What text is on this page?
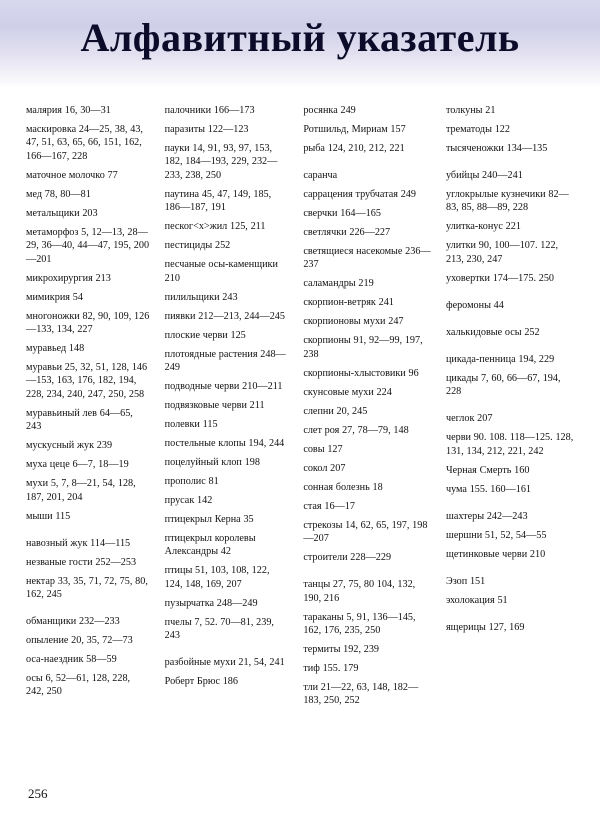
Алфавитный указатель
малярия 16, 30—31
маскировка 24—25, 38, 43, 47, 51, 63, 65, 66, 151, 162, 166—167, 228
маточное молочко 77
мед 78, 80—81
метальщики 203
метаморфоз 5, 12—13, 28—29, 36—40, 44—47, 195, 200—201
микрохирургия 213
мимикрия 54
многоножки 82, 90, 109, 126—133, 134, 227
муравьед 148
муравьи 25, 32, 51, 128, 146—153, 163, 176, 182, 194, 228, 234, 240, 247, 250, 258
муравьиный лев 64—65, 243
мускусный жук 239
муха цеце 6—7, 18—19
мухи 5, 7, 8—21, 54, 128, 187, 201, 204
мыши 115
навозный жук 114—115
незваные гости 252—253
нектар 33, 35, 71, 72, 75, 80, 162, 245
обманщики 232—233
опыление 20, 35, 72—73
оса-наездник 58—59
осы 6, 52—61, 128, 228, 242, 250
палочники 166—173
паразиты 122—123
пауки 14, 91, 93, 97, 153, 182, 184—193, 229, 232—233, 238, 250
паутина 45, 47, 149, 185, 186—187, 191
песког<x>жил 125, 211
пестициды 252
песчаные осы-каменщики 210
пилильщики 243
пиявки 212—213, 244—245
плоские черви 125
плотоядные растения 248—249
подводные черви 210—211
подвязковые черви 211
полевки 115
постельные клопы 194, 244
поцелуйный клоп 198
прополис 81
прусак 142
птицекрыл Керна 35
птицекрыл королевы Александры 42
птицы 51, 103, 108, 122, 124, 148, 169, 207
пузырчатка 248—249
пчелы 7, 52. 70—81, 239, 243
разбойные мухи 21, 54, 241
Роберт Брюс 186
росянка 249
Ротшильд, Мириам 157
рыба 124, 210, 212, 221
саранча
саррацения трубчатая 249
сверчки 164—165
светлячки 226—227
светящиеся насекомые 236—237
саламандры 219
скорпион-ветряк 241
скорпионовы мухи 247
скорпионы 91, 92—99, 197, 238
скорпионы-хлыстовики 96
скунсовые мухи 224
слепни 20, 245
слет роя 27, 78—79, 148
совы 127
сокол 207
сонная болезнь 18
стая 16—17
стрекозы 14, 62, 65, 197, 198—207
строители 228—229
танцы 27, 75, 80 104, 132, 190, 216
тараканы 5, 91, 136—145, 162, 176, 235, 250
термиты 192, 239
тиф 155. 179
тли 21—22, 63, 148, 182—183, 250, 252
толкуны 21
трематоды 122
тысяченожки 134—135
убийцы 240—241
углокрылые кузнечики 82—83, 85, 88—89, 228
улитка-конус 221
улитки 90, 100—107. 122, 213, 230, 247
уховертки 174—175. 250
феромоны 44
халькидовые осы 252
цикада-пенница 194, 229
цикады 7, 60, 66—67, 194, 228
чеглок 207
черви 90. 108. 118—125. 128, 131, 134, 212, 221, 242
Черная Смерть 160
чума 155. 160—161
шахтеры 242—243
шершни 51, 52, 54—55
щетинковые черви 210
Эзоп 151
эхолокация 51
ящерицы 127, 169
256
